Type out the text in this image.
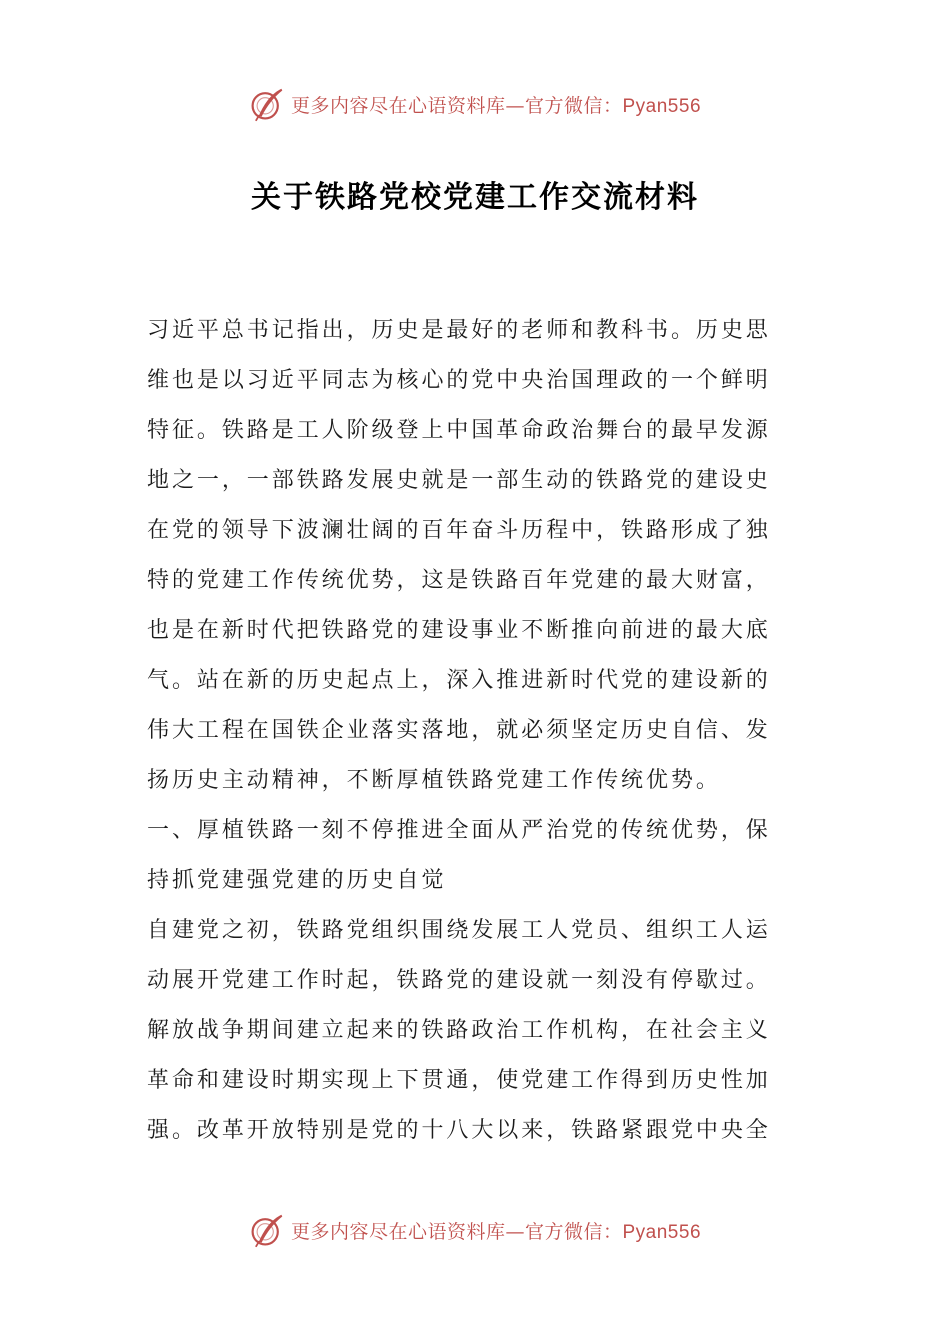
更多内容尽在心语资料库—官方微信：Pyan556
关于铁路党校党建工作交流材料
习近平总书记指出，历史是最好的老师和教科书。历史思
维也是以习近平同志为核心的党中央治国理政的一个鲜明
特征。铁路是工人阶级登上中国革命政治舞台的最早发源
地之一，一部铁路发展史就是一部生动的铁路党的建设史
在党的领导下波澜壮阔的百年奋斗历程中，铁路形成了独
特的党建工作传统优势，这是铁路百年党建的最大财富，
也是在新时代把铁路党的建设事业不断推向前进的最大底
气。站在新的历史起点上，深入推进新时代党的建设新的
伟大工程在国铁企业落实落地，就必须坚定历史自信、发
扬历史主动精神，不断厚植铁路党建工作传统优势。
一、厚植铁路一刻不停推进全面从严治党的传统优势，保
持抓党建强党建的历史自觉
自建党之初，铁路党组织围绕发展工人党员、组织工人运
动展开党建工作时起，铁路党的建设就一刻没有停歇过。
解放战争期间建立起来的铁路政治工作机构，在社会主义
革命和建设时期实现上下贯通，使党建工作得到历史性加
强。改革开放特别是党的十八大以来，铁路紧跟党中央全
更多内容尽在心语资料库—官方微信：Pyan556
